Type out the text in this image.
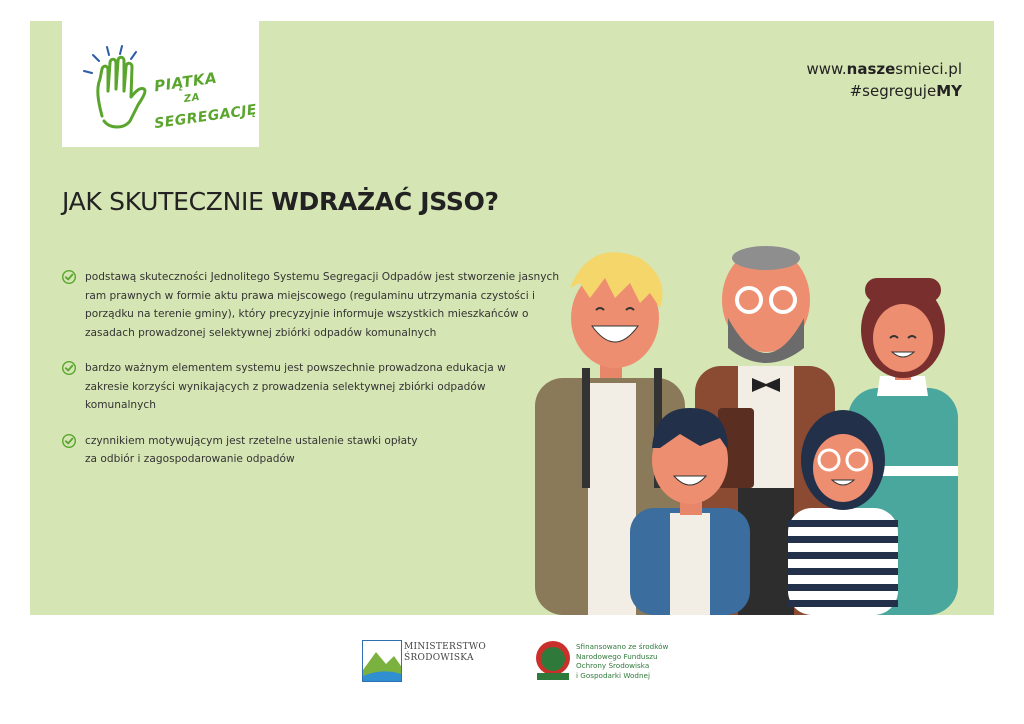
PIĄTKA
ZA
SEGREGACJĘ
www.naszesmieci.pl
#segregujeMY
JAK SKUTECZNIE WDRAŻAĆ JSSO?
podstawą skuteczności Jednolitego Systemu Segregacji Odpadów jest stworzenie jasnych ram prawnych w formie aktu prawa miejscowego (regulaminu utrzymania czystości i porządku na terenie gminy), który precyzyjnie informuje wszystkich mieszkańców o zasadach prowadzonej selektywnej zbiórki odpadów komunalnych
bardzo ważnym elementem systemu jest powszechnie prowadzona edukacja w zakresie korzyści wynikających z prowadzenia selektywnej zbiórki odpadów komunalnych
czynnikiem motywującym jest rzetelne ustalenie stawki opłaty za odbiór i zagospodarowanie odpadów
MINISTERSTWO
ŚRODOWISKA
Sfinansowano ze środków
Narodowego Funduszu
Ochrony Środowiska
i Gospodarki Wodnej
